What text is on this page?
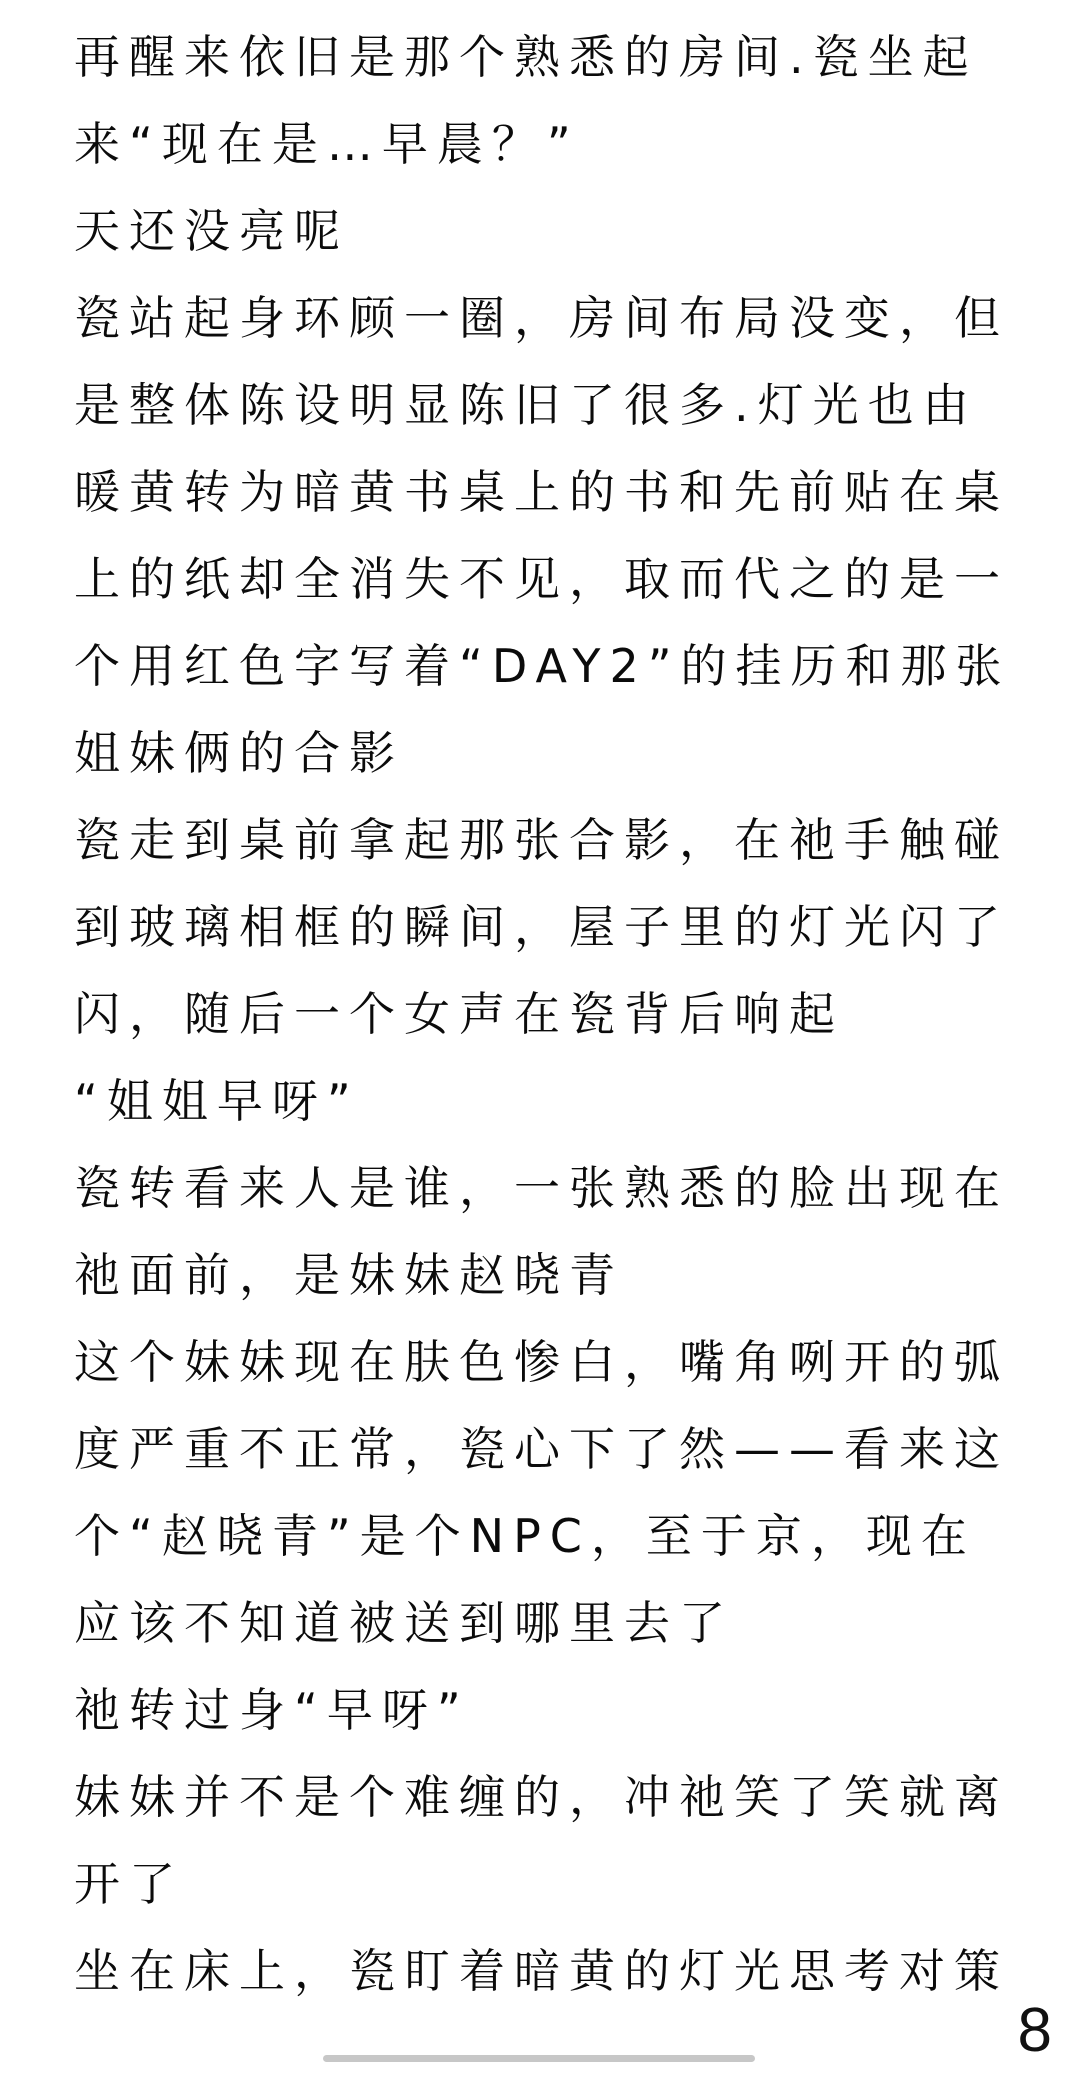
再醒来依旧是那个熟悉的房间.瓷坐起来“现在是…早晨？”

天还没亮呢

瓷站起身环顾一圈，房间布局没变，但是整体陈设明显陈旧了很多.灯光也由暖黄转为暗黄书桌上的书和先前贴在桌上的纸却全消失不见，取而代之的是一个用红色字写着“DAY2”的挂历和那张姐妹俩的合影

瓷走到桌前拿起那张合影，在祂手触碰到玻璃相框的瞬间，屋子里的灯光闪了闪，随后一个女声在瓷背后响起

“姐姐早呀”

瓷转看来人是谁，一张熟悉的脸出现在祂面前，是妹妹赵晓青

这个妹妹现在肤色惨白，嘴角咧开的弧度严重不正常，瓷心下了然——看来这个“赵晓青”是个NPC，至于京，现在应该不知道被送到哪里去了

祂转过身“早呀”

妹妹并不是个难缠的，冲祂笑了笑就离开了

坐在床上，瓷盯着暗黄的灯光思考对策

8
